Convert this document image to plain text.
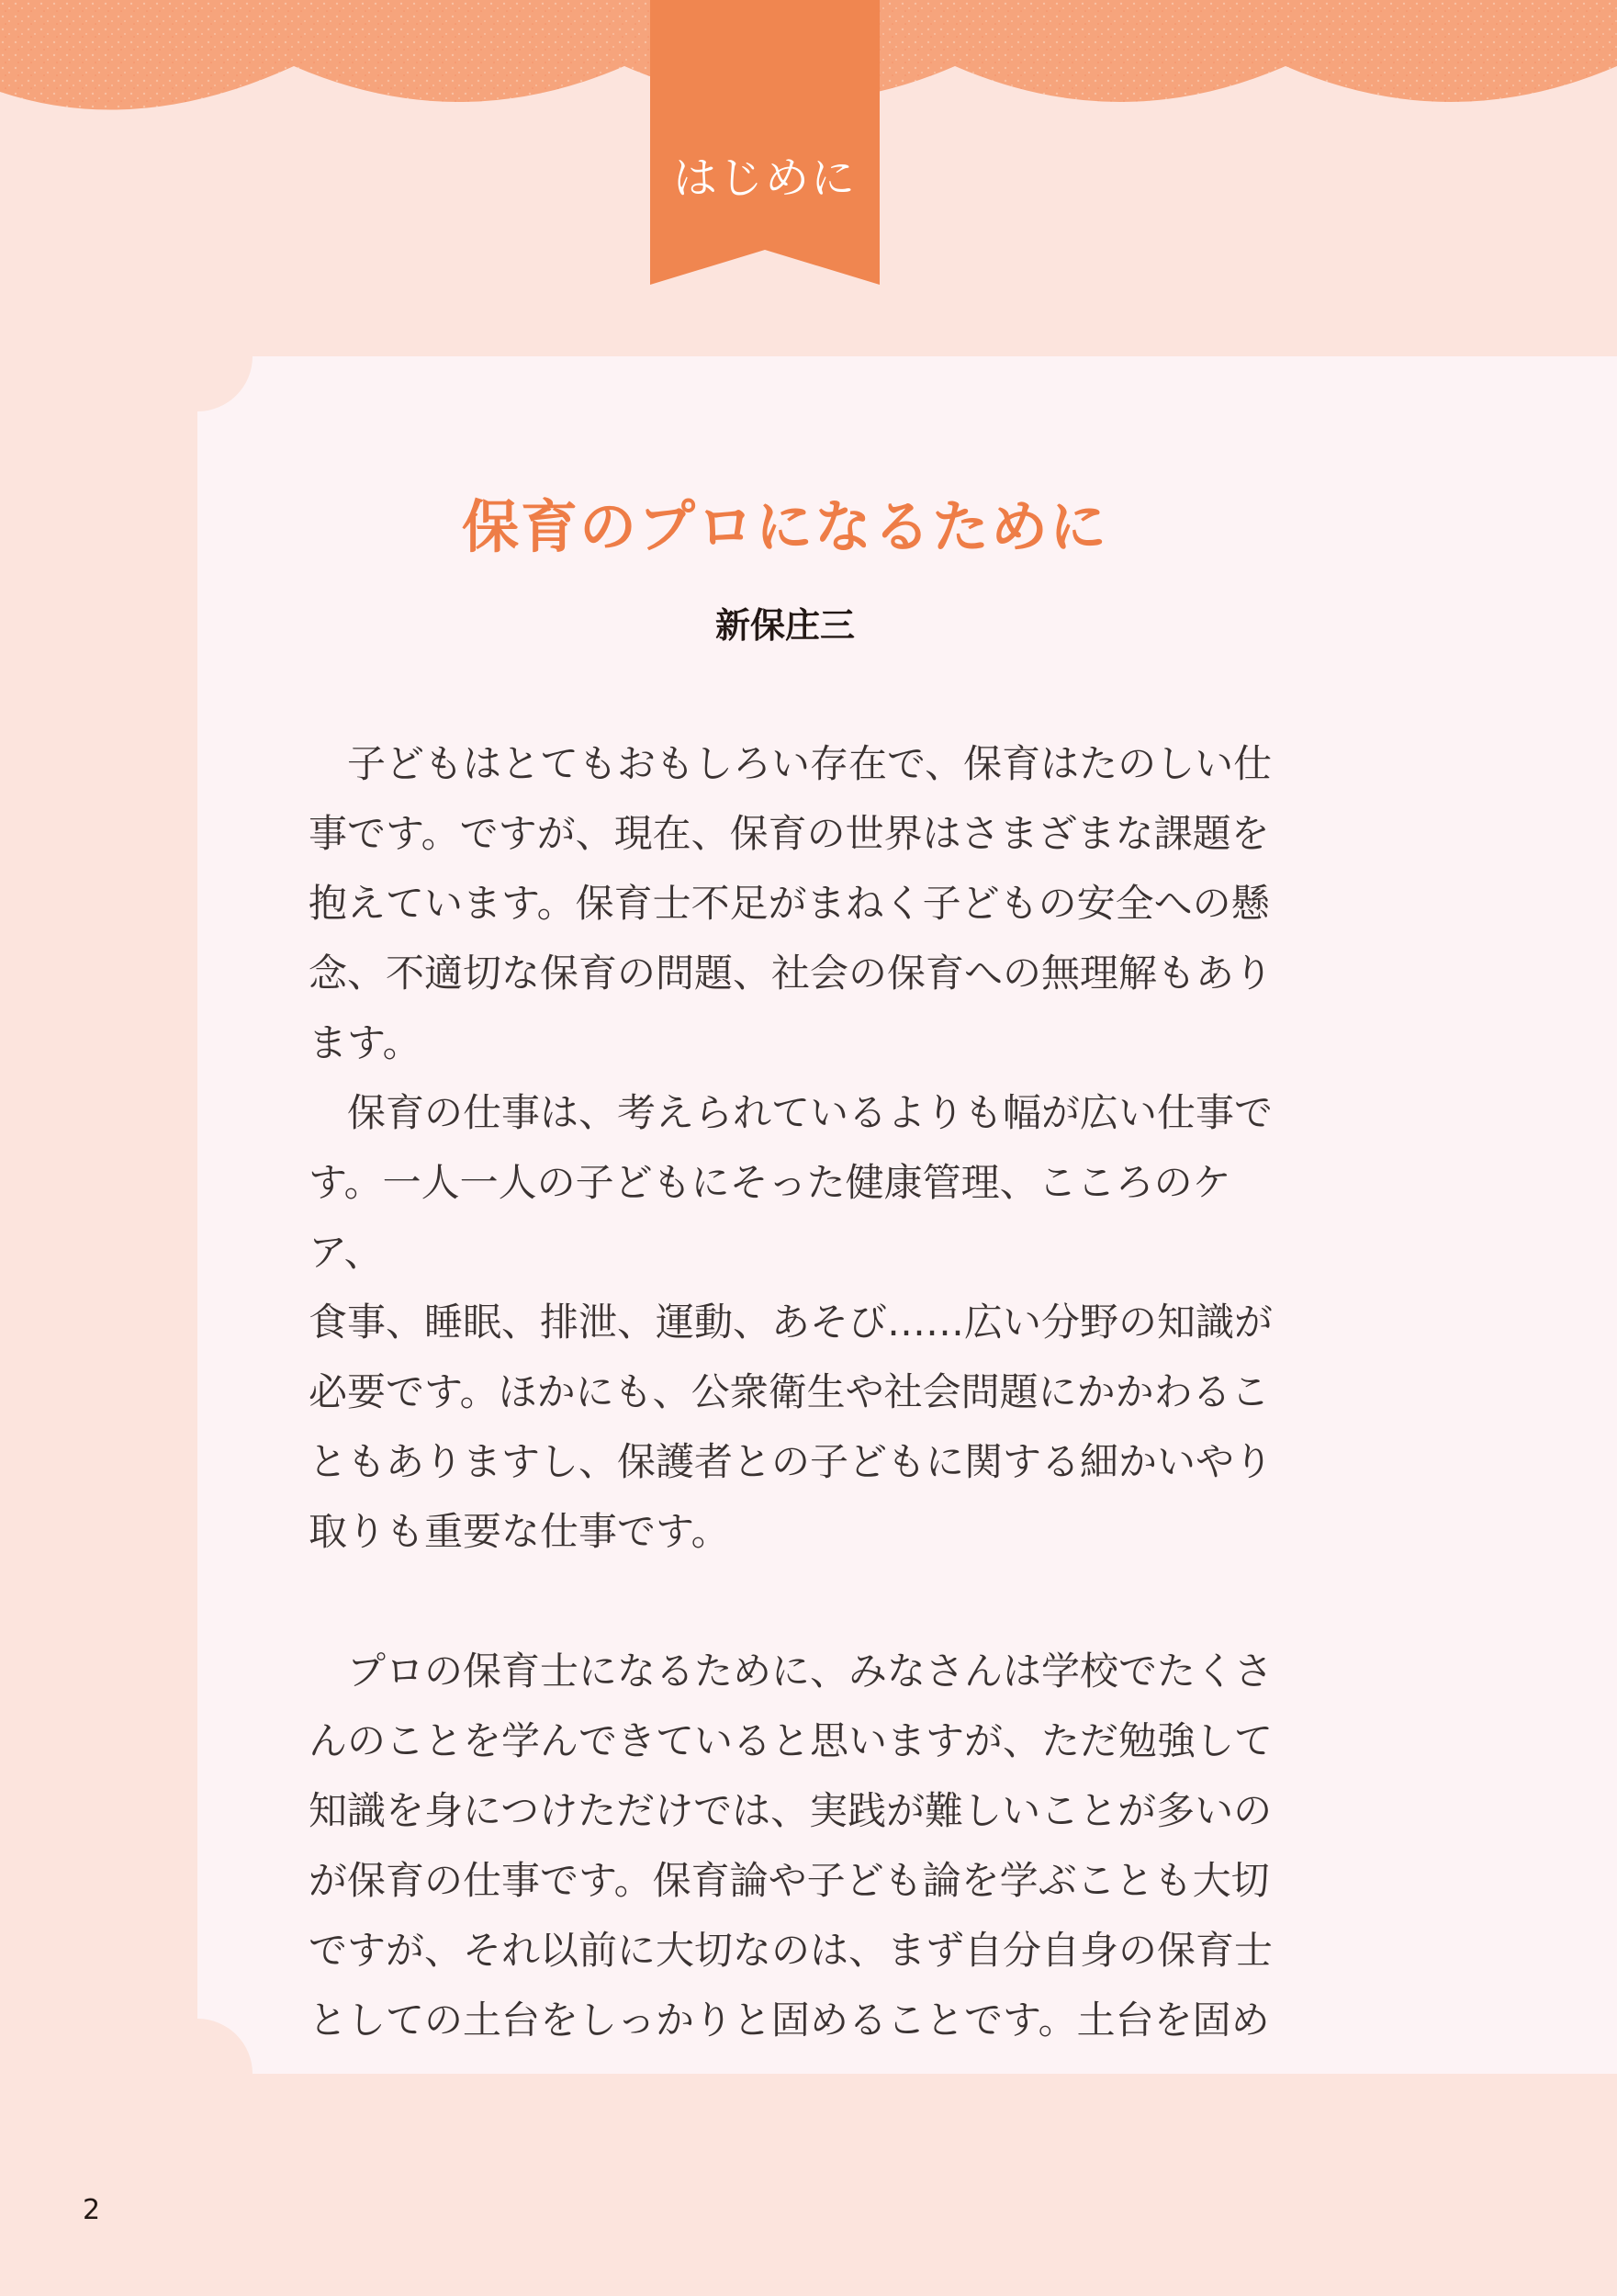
はじめに
保育のプロになるために
新保庄三

　子どもはとてもおもしろい存在で、保育はたのしい仕

事です。ですが、現在、保育の世界はさまざまな課題を

抱えています。保育士不足がまねく子どもの安全への懸

念、不適切な保育の問題、社会の保育への無理解もあり

ます。

　保育の仕事は、考えられているよりも幅が広い仕事で

す。一人一人の子どもにそった健康管理、こころのケア、

食事、睡眠、排泄、運動、あそび……広い分野の知識が

必要です。ほかにも、公衆衛生や社会問題にかかわるこ

ともありますし、保護者との子どもに関する細かいやり

取りも重要な仕事です。

　プロの保育士になるために、みなさんは学校でたくさ

んのことを学んできていると思いますが、ただ勉強して

知識を身につけただけでは、実践が難しいことが多いの

が保育の仕事です。保育論や子ども論を学ぶことも大切

ですが、それ以前に大切なのは、まず自分自身の保育士

としての土台をしっかりと固めることです。土台を固め

2
